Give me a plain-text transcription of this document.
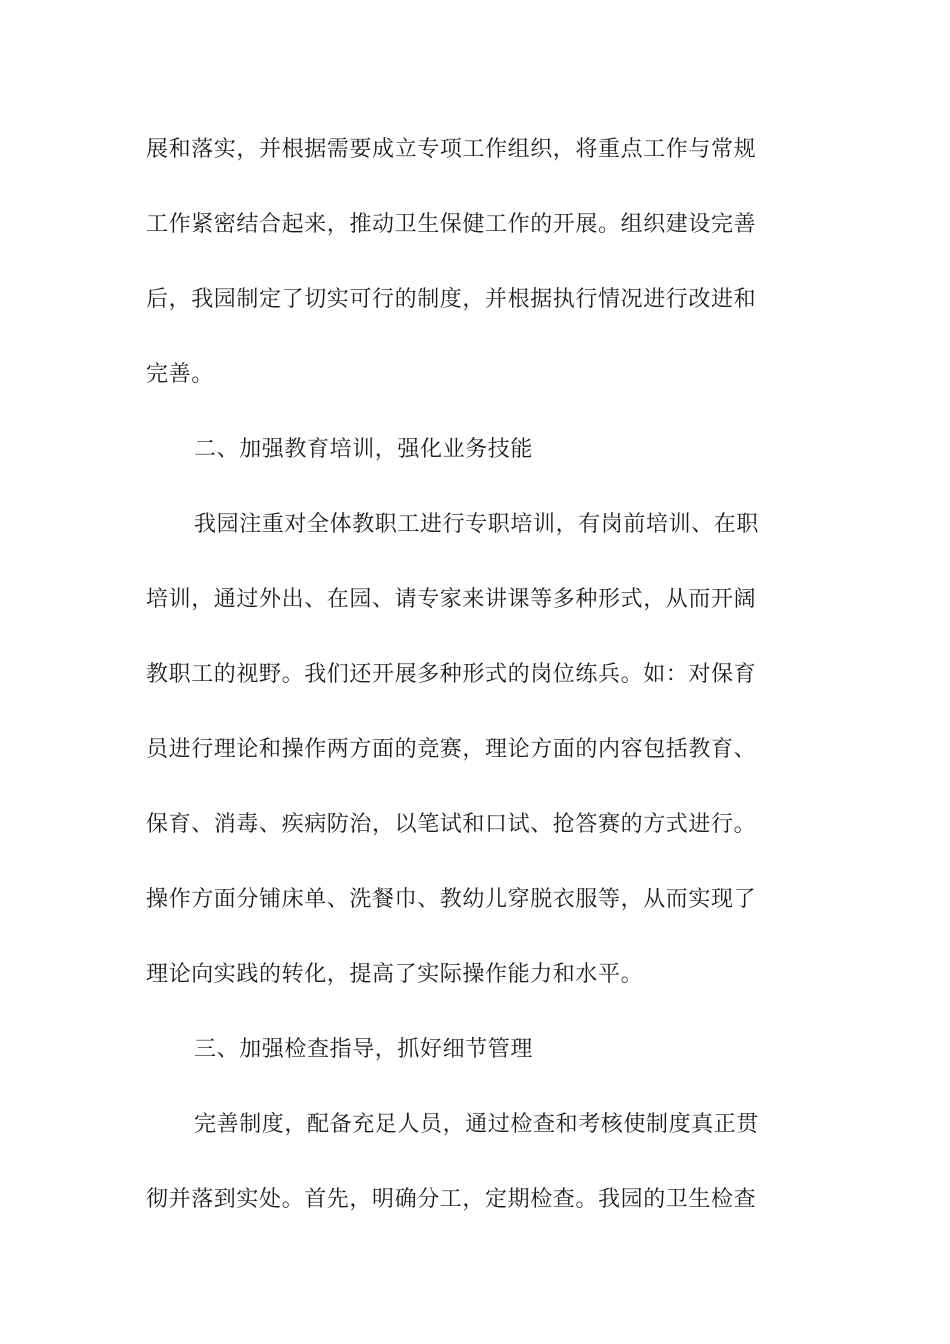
展和落实，并根据需要成立专项工作组织，将重点工作与常规
工作紧密结合起来，推动卫生保健工作的开展。组织建设完善
后，我园制定了切实可行的制度，并根据执行情况进行改进和
完善。
二、加强教育培训，强化业务技能
我园注重对全体教职工进行专职培训，有岗前培训、在职
培训，通过外出、在园、请专家来讲课等多种形式，从而开阔
教职工的视野。我们还开展多种形式的岗位练兵。如：对保育
员进行理论和操作两方面的竞赛，理论方面的内容包括教育、
保育、消毒、疾病防治，以笔试和口试、抢答赛的方式进行。
操作方面分铺床单、洗餐巾、教幼儿穿脱衣服等，从而实现了
理论向实践的转化，提高了实际操作能力和水平。
三、加强检查指导，抓好细节管理
完善制度，配备充足人员，通过检查和考核使制度真正贯
彻并落到实处。首先，明确分工，定期检查。我园的卫生检查
